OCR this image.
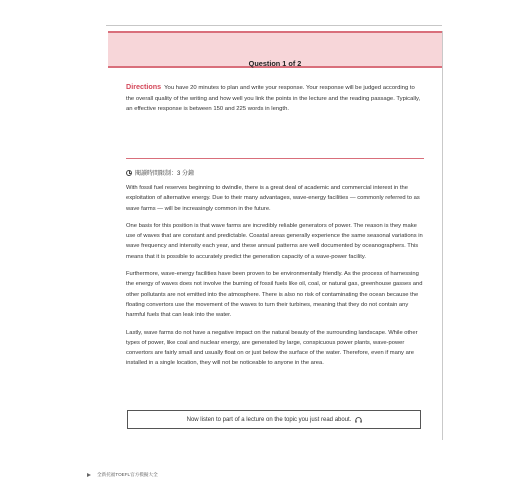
Question 1 of 2
Directions You have 20 minutes to plan and write your response. Your response will be judged according to the overall quality of the writing and how well you link the points in the lecture and the reading passage. Typically, an effective response is between 150 and 225 words in length.
閱讀時間限制：3 分鐘

With fossil fuel reserves beginning to dwindle, there is a great deal of academic and commercial interest in the exploitation of alternative energy. Due to their many advantages, wave-energy facilities — commonly referred to as wave farms — will be increasingly common in the future.

One basis for this position is that wave farms are incredibly reliable generators of power. The reason is they make use of waves that are constant and predictable. Coastal areas generally experience the same seasonal variations in wave frequency and intensity each year, and these annual patterns are well documented by oceanographers. This means that it is possible to accurately predict the generation capacity of a wave-power facility.

Furthermore, wave-energy facilities have been proven to be environmentally friendly. As the process of harnessing the energy of waves does not involve the burning of fossil fuels like oil, coal, or natural gas, greenhouse gasses and other pollutants are not emitted into the atmosphere. There is also no risk of contaminating the ocean because the floating convertors use the movement of the waves to turn their turbines, meaning that they do not contain any harmful fuels that can leak into the water.

Lastly, wave farms do not have a negative impact on the natural beauty of the surrounding landscape. While other types of power, like coal and nuclear energy, are generated by large, conspicuous power plants, wave-power convertors are fairly small and usually float on or just below the surface of the water. Therefore, even if many are installed in a single location, they will not be noticeable to anyone in the area.

Now listen to part of a lecture on the topic you just read about.
全新托福TOEFL官方模擬大全
